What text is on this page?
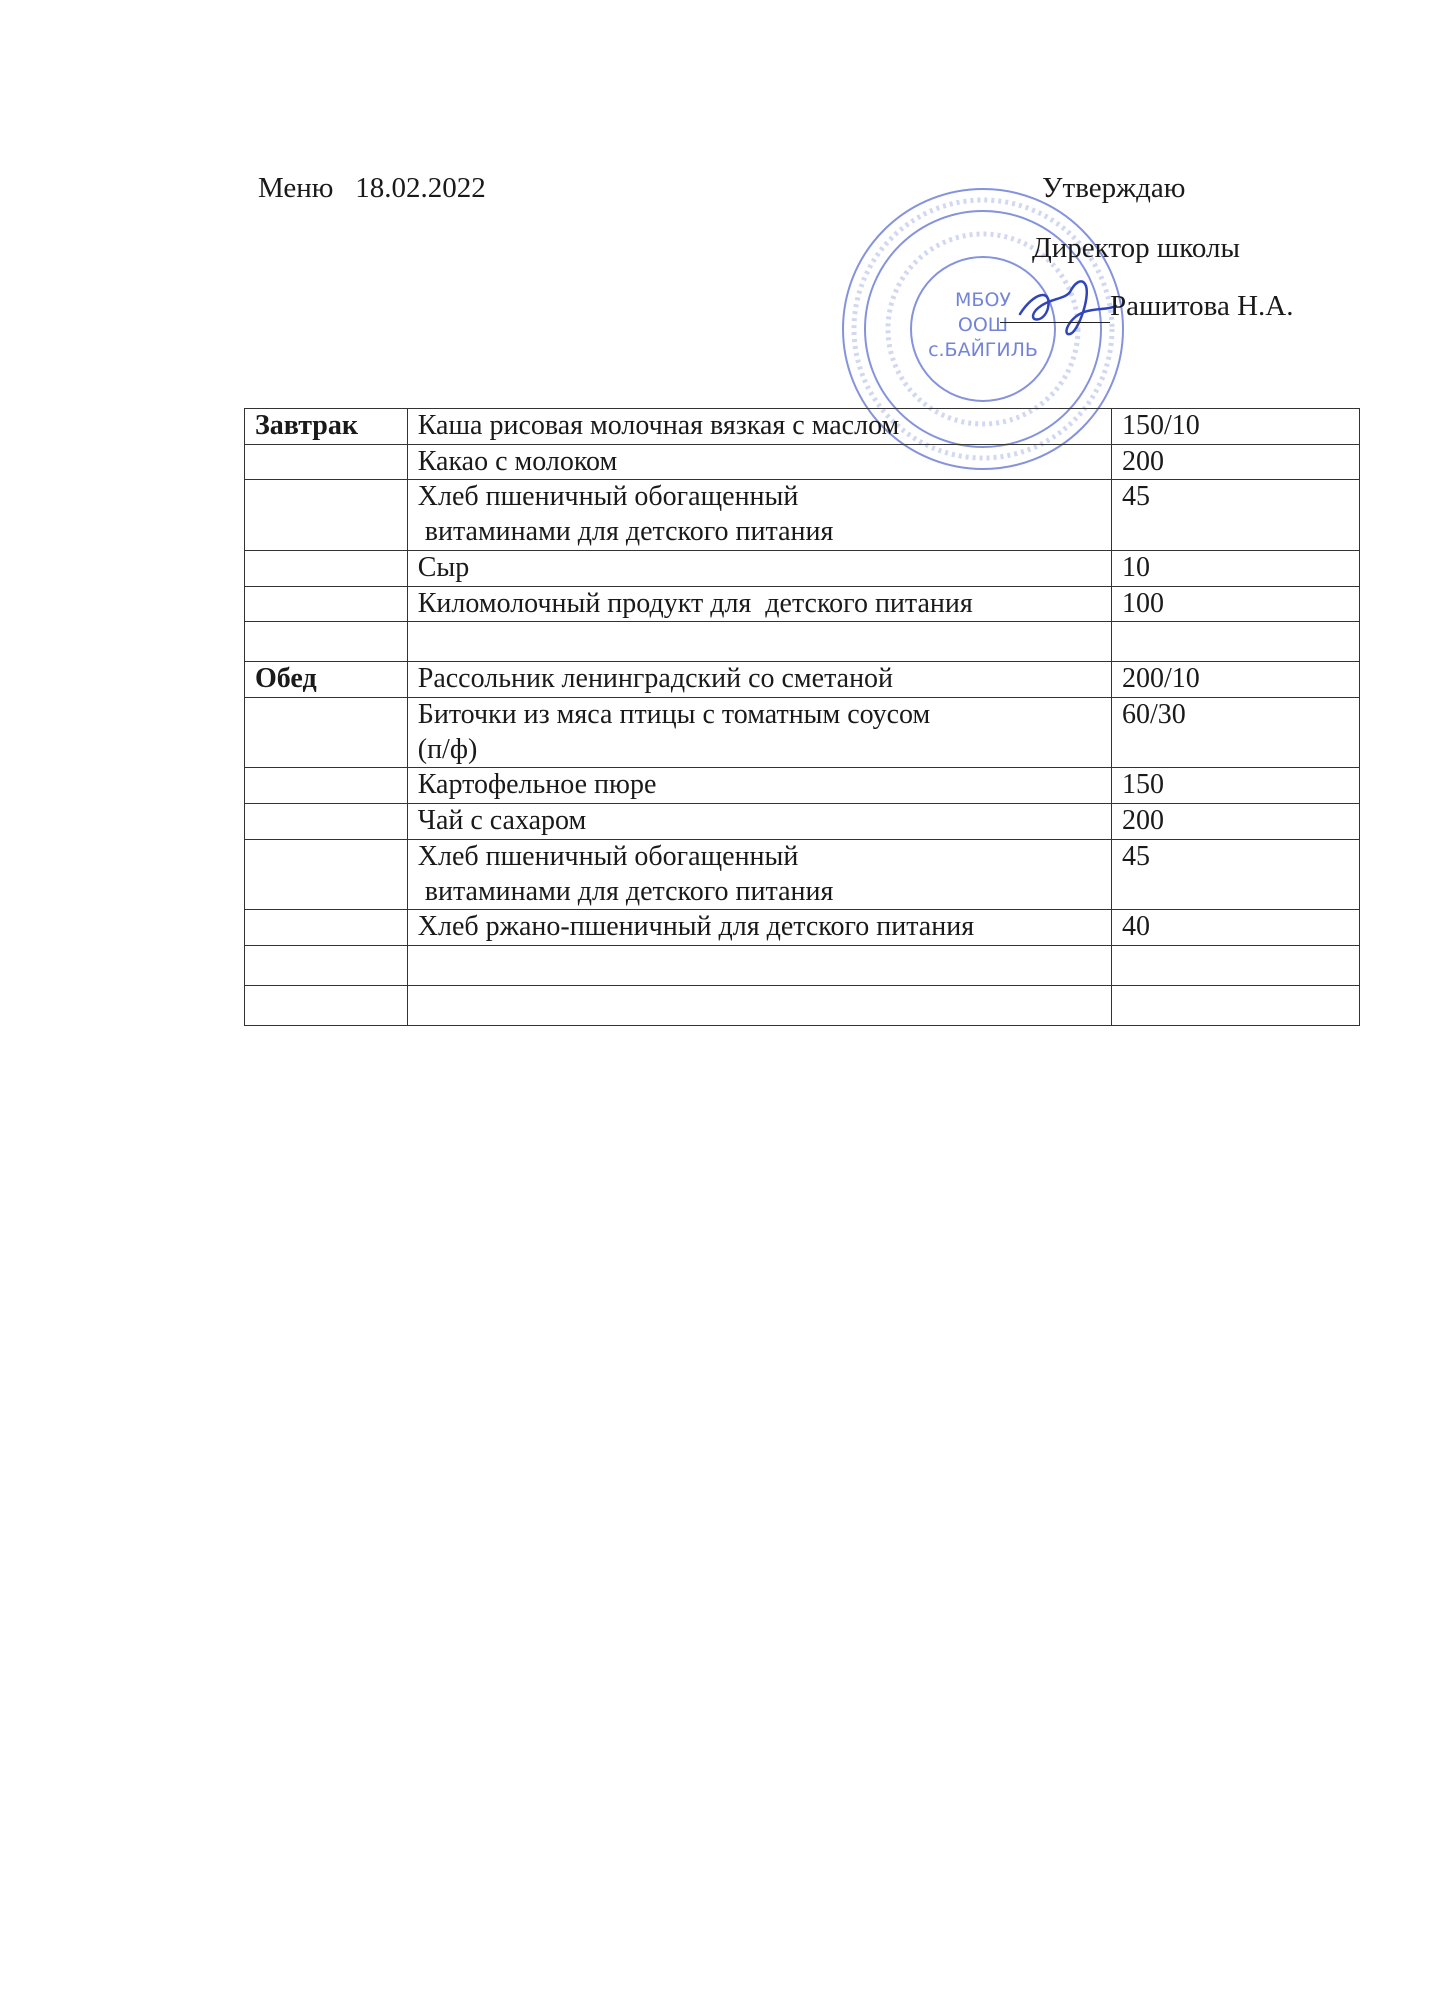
Меню 18.02.2022
МБОУ
ООШ
с.БАЙГИЛЬ
Утверждаю
Директор школы
Рашитова Н.А.
Завтрак	Каша рисовая молочная вязкая с маслом	150/10

	Какао с молоком	200

	Хлеб пшеничный обогащенный
витаминами для детского питания	45

	Сыр	10

	Киломолочный продукт для  детского питания	100

Обед	Рассольник ленинградский со сметаной	200/10

	Биточки из мяса птицы с томатным соусом
(п/ф)	60/30

	Картофельное пюре	150

	Чай с сахаром	200

	Хлеб пшеничный обогащенный
витаминами для детского питания	45

	Хлеб ржано-пшеничный для детского питания	40
